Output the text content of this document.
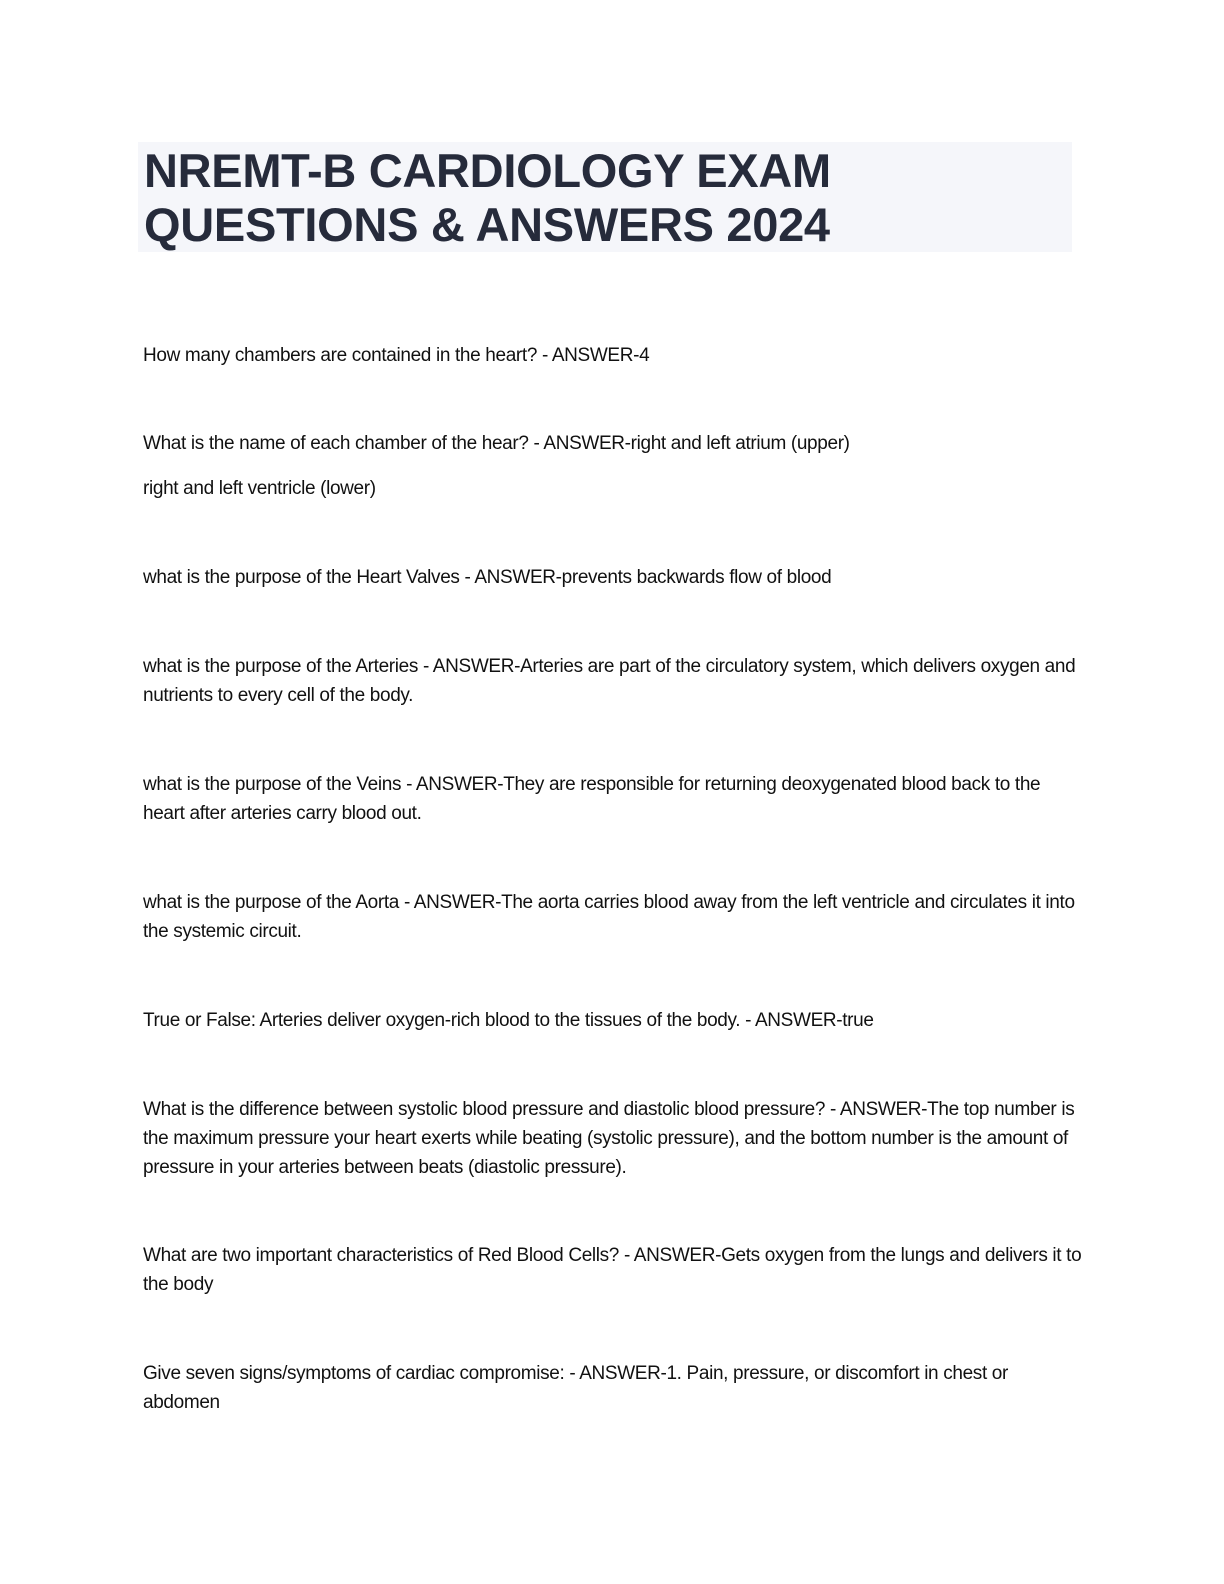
NREMT-B CARDIOLOGY EXAM
QUESTIONS & ANSWERS 2024

How many chambers are contained in the heart? - ANSWER-4

What is the name of each chamber of the hear? - ANSWER-right and left atrium (upper)

right and left ventricle (lower)

what is the purpose of the Heart Valves - ANSWER-prevents backwards flow of blood

what is the purpose of the Arteries - ANSWER-Arteries are part of the circulatory system, which delivers oxygen and nutrients to every cell of the body.

what is the purpose of the Veins - ANSWER-They are responsible for returning deoxygenated blood back to the heart after arteries carry blood out.

what is the purpose of the Aorta - ANSWER-The aorta carries blood away from the left ventricle and circulates it into the systemic circuit.

True or False: Arteries deliver oxygen-rich blood to the tissues of the body. - ANSWER-true

What is the difference between systolic blood pressure and diastolic blood pressure? - ANSWER-The top number is the maximum pressure your heart exerts while beating (systolic pressure), and the bottom number is the amount of pressure in your arteries between beats (diastolic pressure).

What are two important characteristics of Red Blood Cells? - ANSWER-Gets oxygen from the lungs and delivers it to the body

Give seven signs/symptoms of cardiac compromise: - ANSWER-1. Pain, pressure, or discomfort in chest or abdomen
